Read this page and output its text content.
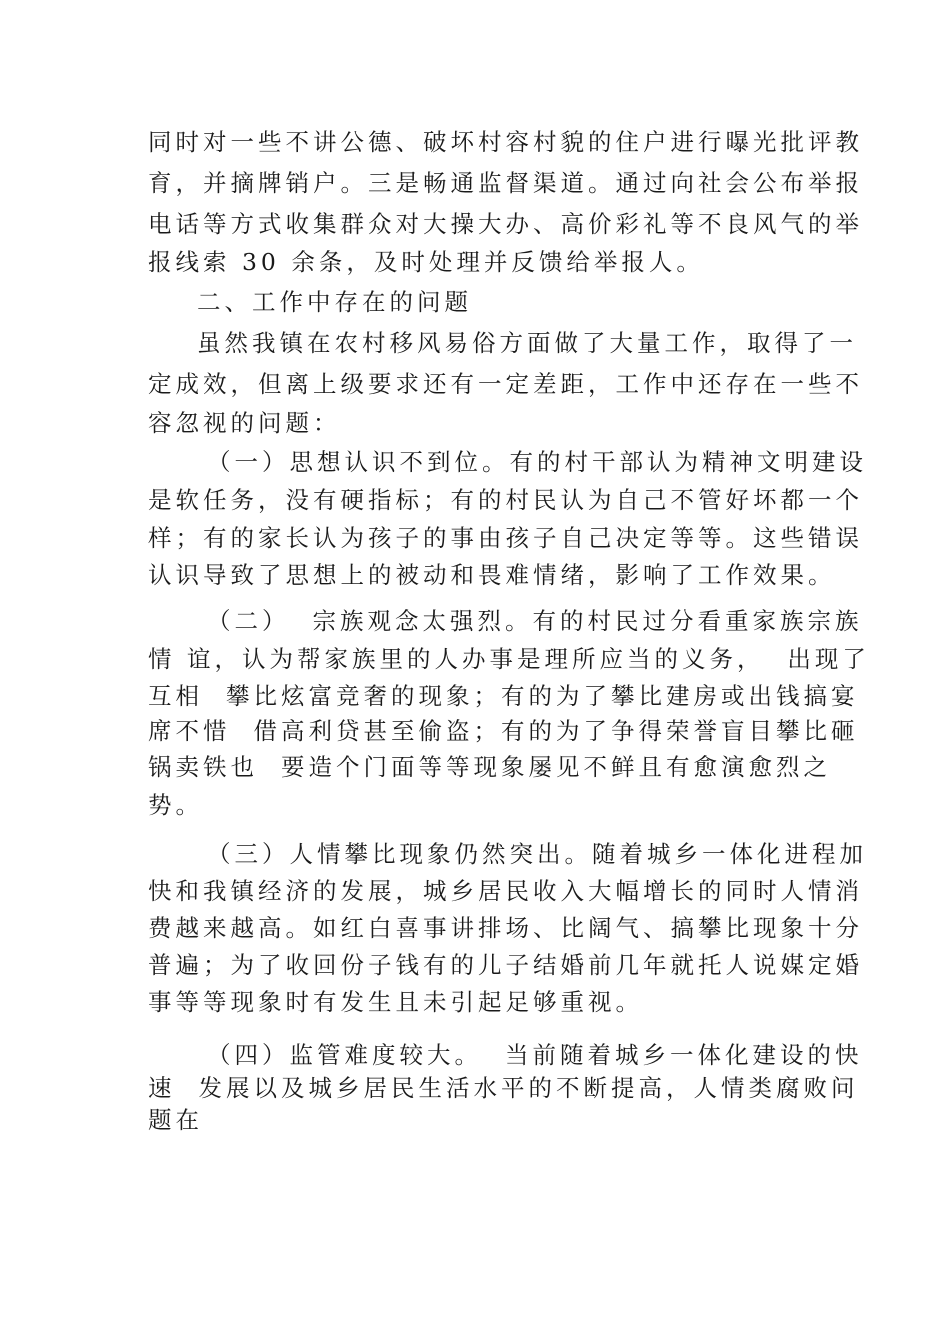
同时对一些不讲公德、破坏村容村貌的住户进行曝光批评教
育，并摘牌销户。三是畅通监督渠道。通过向社会公布举报
电话等方式收集群众对大操大办、高价彩礼等不良风气的举
报线索 30 余条，及时处理并反馈给举报人。
二、工作中存在的问题
虽然我镇在农村移风易俗方面做了大量工作，取得了一
定成效，但离上级要求还有一定差距，工作中还存在一些不
容忽视的问题：
（一）思想认识不到位。有的村干部认为精神文明建设
是软任务，没有硬指标；有的村民认为自己不管好坏都一个
样；有的家长认为孩子的事由孩子自己决定等等。这些错误
认识导致了思想上的被动和畏难情绪，影响了工作效果。
（二）  宗族观念太强烈。有的村民过分看重家族宗族
情 谊，认为帮家族里的人办事是理所应当的义务，  出现了
互相  攀比炫富竞奢的现象；有的为了攀比建房或出钱搞宴
席不惜  借高利贷甚至偷盗；有的为了争得荣誉盲目攀比砸
锅卖铁也  要造个门面等等现象屡见不鲜且有愈演愈烈之
势。
（三）人情攀比现象仍然突出。随着城乡一体化进程加
快和我镇经济的发展，城乡居民收入大幅增长的同时人情消
费越来越高。如红白喜事讲排场、比阔气、搞攀比现象十分
普遍；为了收回份子钱有的儿子结婚前几年就托人说媒定婚
事等等现象时有发生且未引起足够重视。
（四）监管难度较大。  当前随着城乡一体化建设的快
速  发展以及城乡居民生活水平的不断提高，人情类腐败问
题在
